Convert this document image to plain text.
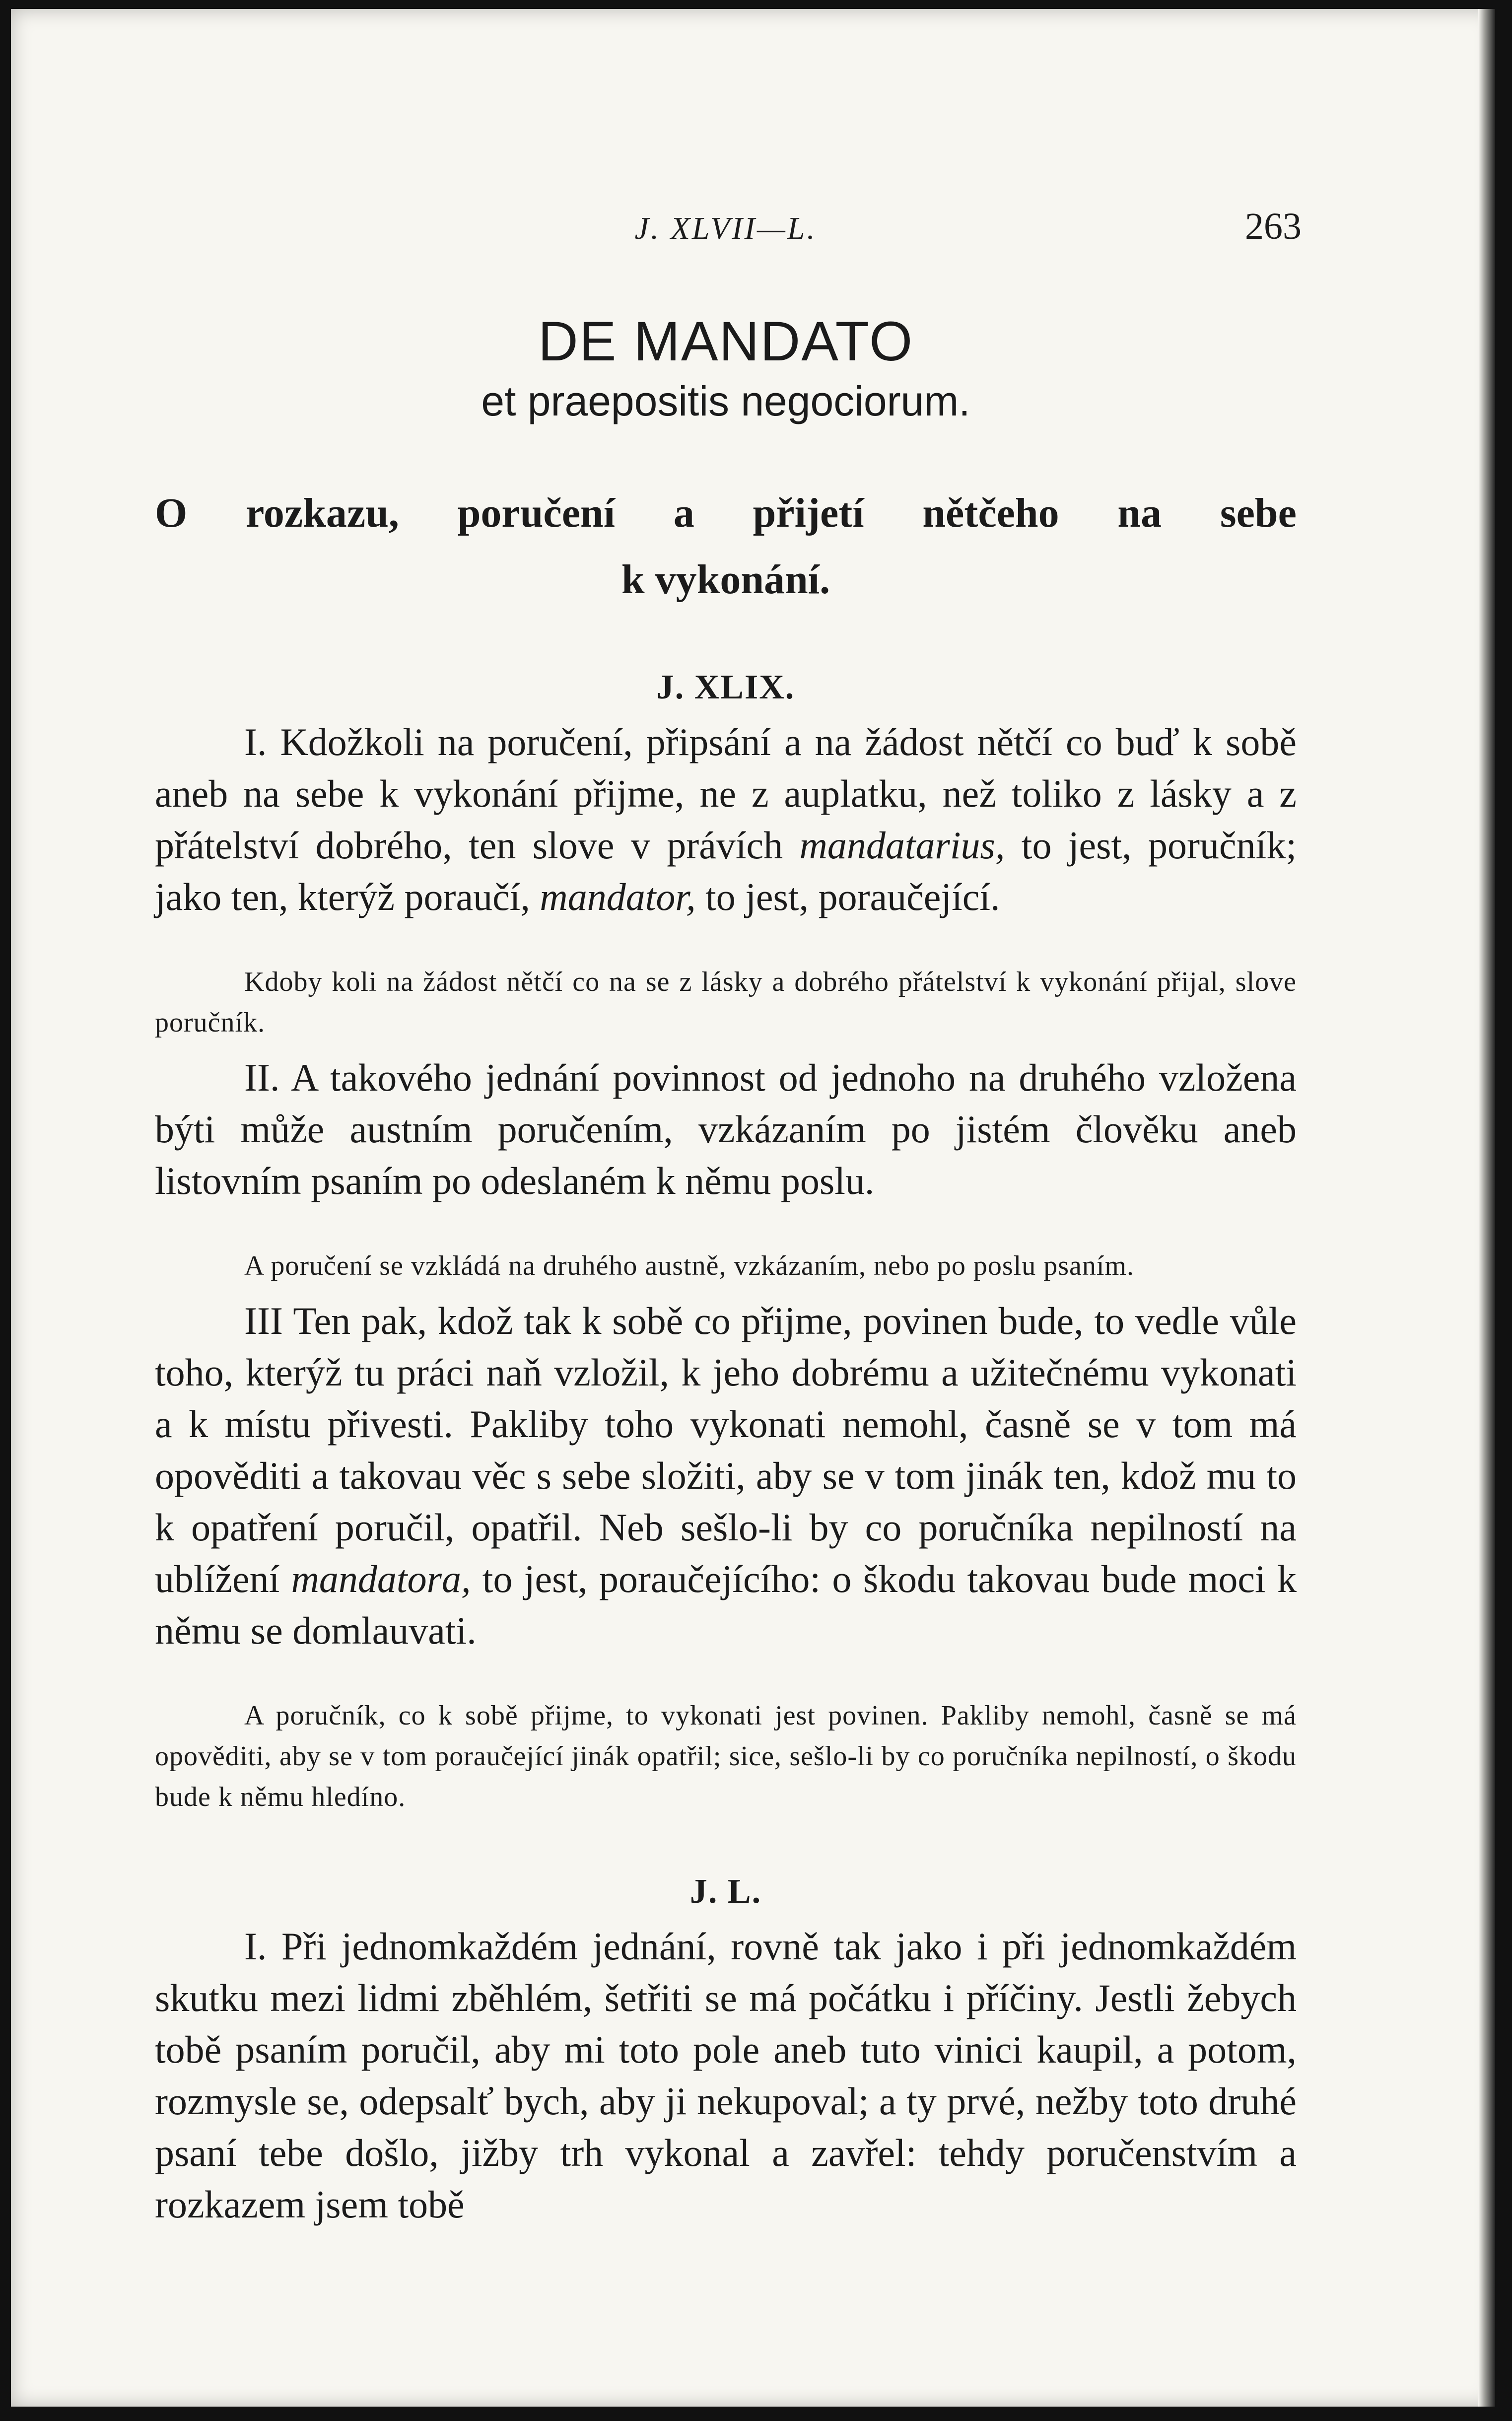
J. XLVII—L.	263
DE MANDATO
et praepositis negociorum.
O rozkazu, poručení a přijetí nětčeho na sebe
k vykonání.
J. XLIX.

I. Kdožkoli na poručení, připsání a na žádost nětčí co buď k sobě aneb na sebe k vykonání přijme, ne z auplatku, než toliko z lásky a z přátelství dobrého, ten slove v právích mandatarius, to jest, poručník; jako ten, kterýž poraučí, mandator, to jest, poraučející.

Kdoby koli na žádost nětčí co na se z lásky a dobrého přátelství k vykonání přijal, slove poručník.

II. A takového jednání povinnost od jednoho na druhého vzložena býti může austním poručením, vzkázaním po jistém člověku aneb listovním psaním po odeslaném k němu poslu.

A poručení se vzkládá na druhého austně, vzkázaním, nebo po poslu psaním.

III Ten pak, kdož tak k sobě co přijme, povinen bude, to vedle vůle toho, kterýž tu práci naň vzložil, k jeho dobrému a užitečnému vykonati a k místu přivesti. Pakliby toho vykonati nemohl, časně se v tom má opověditi a takovau věc s sebe složiti, aby se v tom jinák ten, kdož mu to k opatření poručil, opatřil. Neb sešlo-li by co poručníka nepilností na ublížení mandatora, to jest, poraučejícího: o škodu takovau bude moci k němu se domlauvati.

A poručník, co k sobě přijme, to vykonati jest povinen. Pakliby nemohl, časně se má opověditi, aby se v tom poraučející jinák opatřil; sice, sešlo-li by co poručníka nepilností, o škodu bude k němu hledíno.

J. L.

I. Při jednomkaždém jednání, rovně tak jako i při jednomkaždém skutku mezi lidmi zběhlém, šetřiti se má počátku i příčiny. Jestli žebych tobě psaním poručil, aby mi toto pole aneb tuto vinici kaupil, a potom, rozmysle se, odepsalť bych, aby ji nekupoval; a ty prvé, nežby toto druhé psaní tebe došlo, jižby trh vykonal a zavřel: tehdy poručenstvím a rozkazem jsem tobě
